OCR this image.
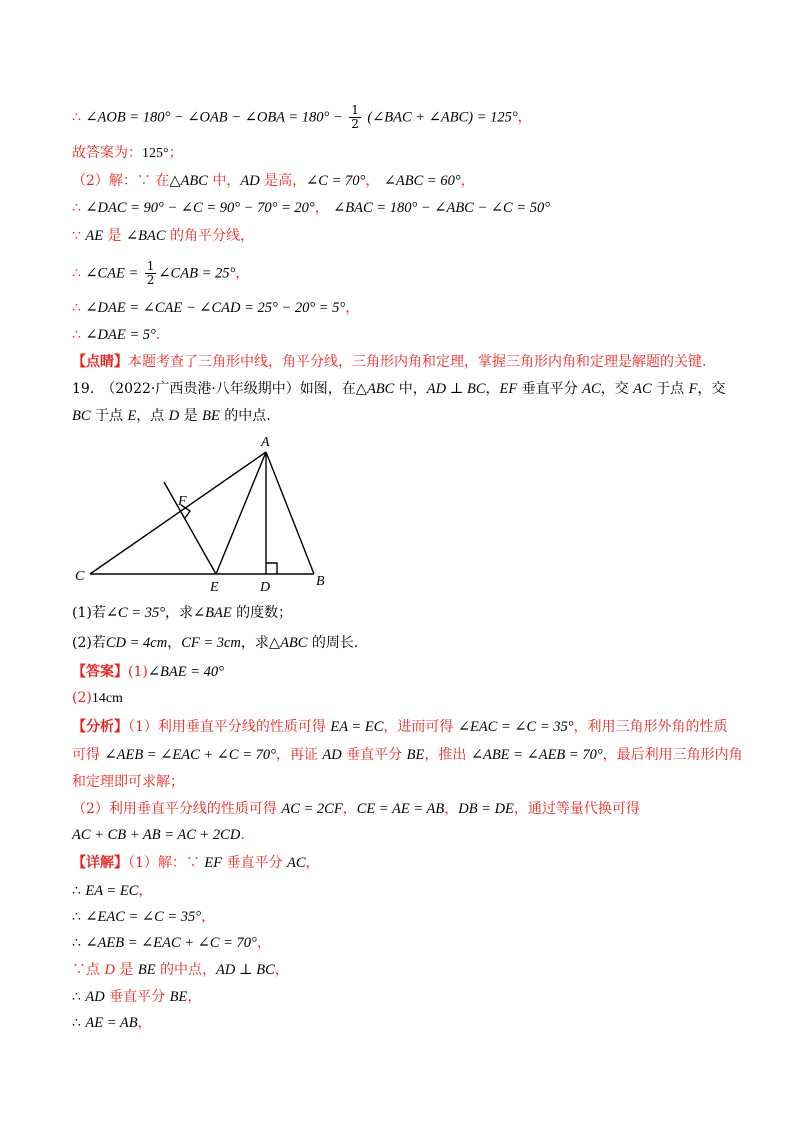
∴ ∠AOB = 180° − ∠OAB − ∠OBA = $180^\circ - \frac{1}{2}$ (∠BAC + ∠ABC) = 125°，
故答案为：125°；
（2）解：∵ 在△ABC 中，AD 是高，∠C = 70°， ∠ABC = 60°，
∴ ∠DAC = 90° − ∠C = 90° − 70° = 20°， ∠BAC = 180° − ∠ABC − ∠C = 50°
∵ AE 是 ∠BAC 的角平分线，
∴ ∠CAE = $\frac{1}{2}$ ∠CAB = 25°，
∴ ∠DAE = ∠CAE − ∠CAD = 25° − 20° = 5°，
∴ ∠DAE = 5°.
【点睛】本题考查了三角形中线，角平分线，三角形内角和定理，掌握三角形内角和定理是解题的关键.
19.　（2022·广西贵港·八年级期中）如图，在△ABC 中，AD ⊥ BC，EF 垂直平分 AC，交 AC 于点 F，交
BC 于点 E，点 D 是 BE 的中点.
A
B
C
D
E
F
(1)若∠C = 35°，求∠BAE 的度数；
(2)若CD = 4cm，CF = 3cm，求△ABC 的周长.
【答案】(1)∠BAE = 40°
(2)14cm
【分析】（1）利用垂直平分线的性质可得 EA = EC，进而可得 ∠EAC = ∠C = 35°，利用三角形外角的性质
可得 ∠AEB = ∠EAC + ∠C = 70°，再证 AD 垂直平分 BE，推出 ∠ABE = ∠AEB = 70°，最后利用三角形内角
和定理即可求解；
（2）利用垂直平分线的性质可得 AC = 2CF，CE = AE = AB，DB = DE，通过等量代换可得
AC + CB + AB = AC + 2CD.
【详解】（1）解：∵ EF 垂直平分 AC，
∴ EA = EC，
∴ ∠EAC = ∠C = 35°，
∴ ∠AEB = ∠EAC + ∠C = 70°，
∵点 D 是 BE 的中点，AD ⊥ BC，
∴ AD 垂直平分 BE，
∴ AE = AB，
